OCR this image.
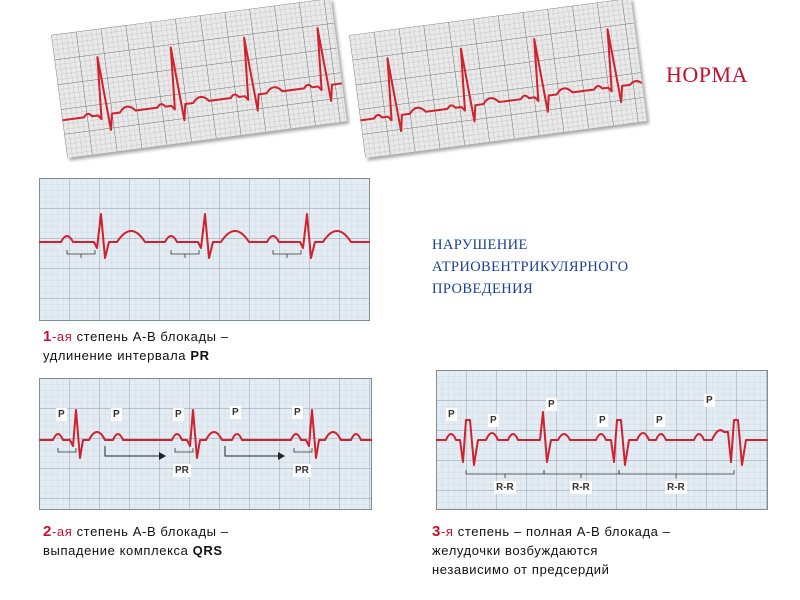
НОРМА
НАРУШЕНИЕ
АТРИОВЕНТРИКУЛЯРНОГО
ПРОВЕДЕНИЯ
1-ая степень А-В блокады –
удлинение интервала PR
P	P	P	P	P
PR	PR
2-ая степень А-В блокады –
выпадение комплекса QRS
P
P
P
P	P
P
R-R	R-R	R-R
3-я степень – полная А-В блокада –
желудочки возбуждаются
независимо от предсердий
